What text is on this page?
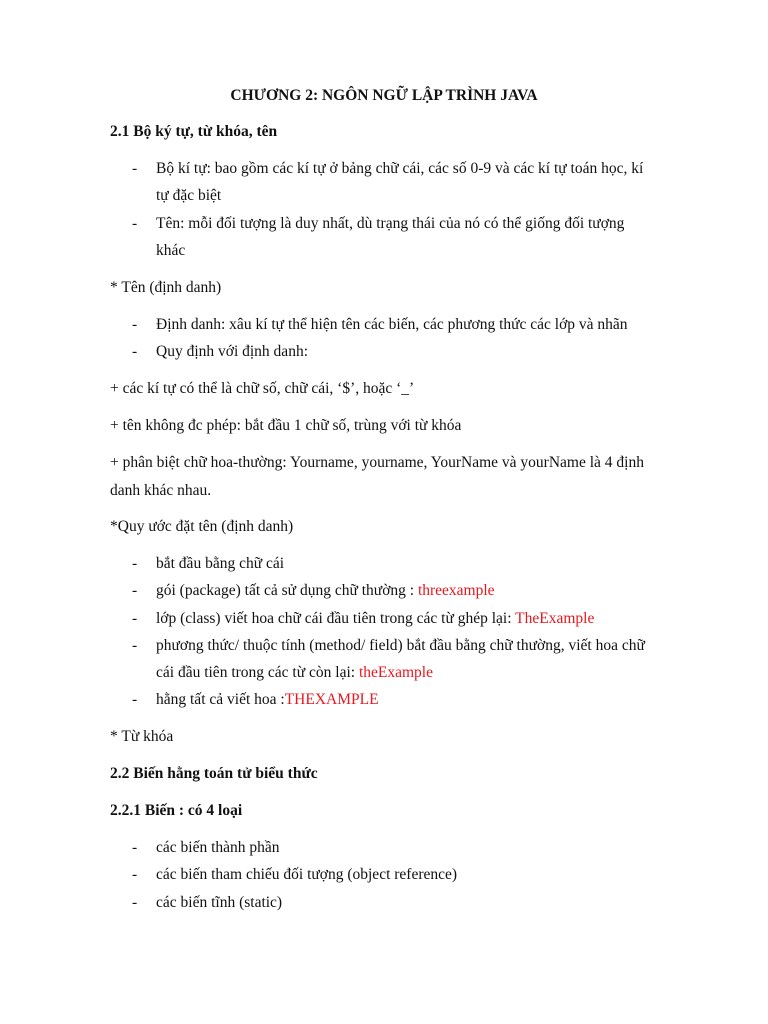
CHƯƠNG 2: NGÔN NGỮ LẬP TRÌNH JAVA
2.1 Bộ ký tự, từ khóa, tên
- Bộ kí tự: bao gồm các kí tự ở bảng chữ cái, các số 0-9 và các kí tự toán học, kí
tự đặc biệt
- Tên: mỗi đối tượng là duy nhất, dù trạng thái của nó có thể giống đối tượng
khác
* Tên (định danh)
- Định danh: xâu kí tự thể hiện tên các biến, các phương thức các lớp và nhãn
- Quy định với định danh:
+ các kí tự có thể là chữ số, chữ cái, ‘$’, hoặc ‘_’
+ tên không đc phép: bắt đầu 1 chữ số, trùng với từ khóa
+ phân biệt chữ hoa-thường: Yourname, yourname, YourName và yourName là 4 định
danh khác nhau.
*Quy ước đặt tên (định danh)
- bắt đầu bằng chữ cái
- gói (package) tất cả sử dụng chữ thường : threexample
- lớp (class) viết hoa chữ cái đầu tiên trong các từ ghép lại: TheExample
- phương thức/ thuộc tính (method/ field) bắt đầu bằng chữ thường, viết hoa chữ
cái đầu tiên trong các từ còn lại: theExample
- hằng tất cả viết hoa :THEXAMPLE
* Từ khóa
2.2 Biến hằng toán tử biểu thức
2.2.1 Biến : có 4 loại
- các biến thành phần
- các biến tham chiếu đối tượng (object reference)
- các biến tĩnh (static)
